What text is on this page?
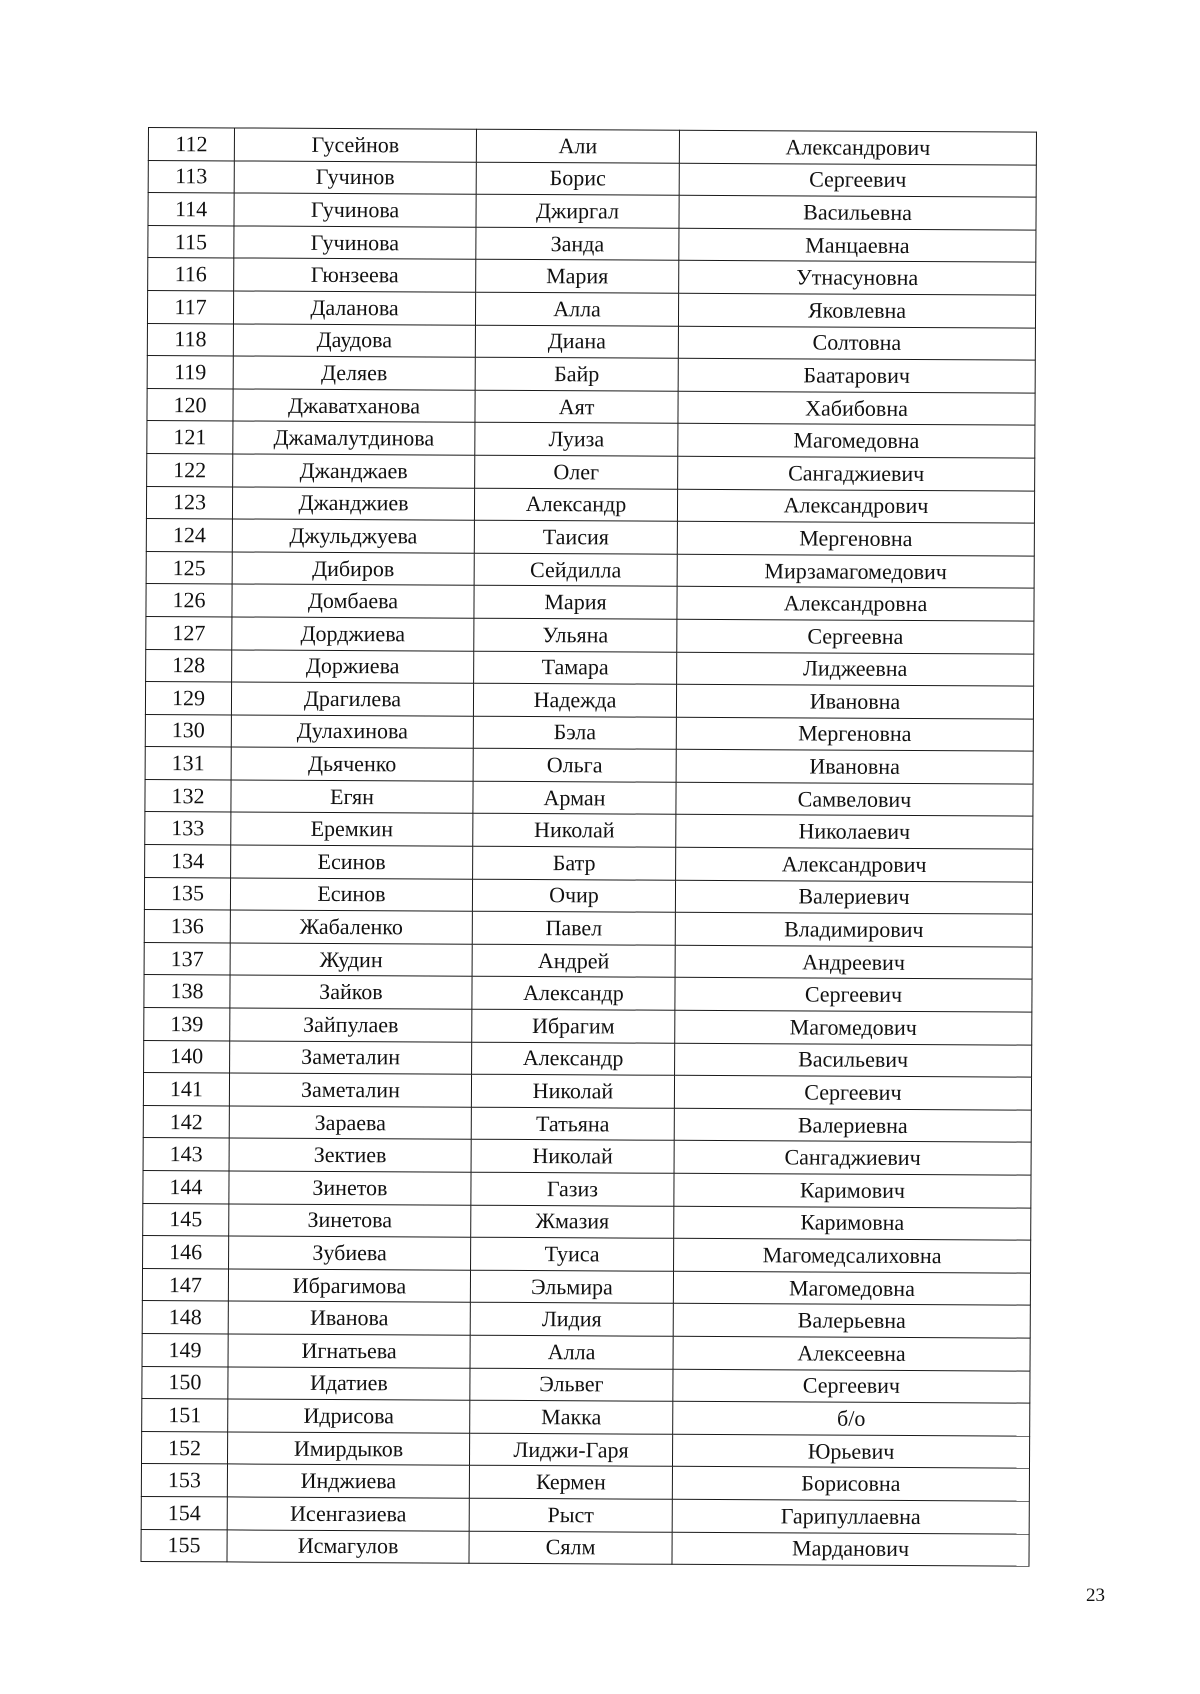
112	Гусейнов	Али	Александрович
113	Гучинов	Борис	Сергеевич
114	Гучинова	Джиргал	Васильевна
115	Гучинова	Занда	Манцаевна
116	Гюнзеева	Мария	Утнасуновна
117	Даланова	Алла	Яковлевна
118	Даудова	Диана	Солтовна
119	Деляев	Байр	Баатарович
120	Джаватханова	Аят	Хабибовна
121	Джамалутдинова	Луиза	Магомедовна
122	Джанджаев	Олег	Сангаджиевич
123	Джанджиев	Александр	Александрович
124	Джульджуева	Таисия	Мергеновна
125	Дибиров	Сейдилла	Мирзамагомедович
126	Домбаева	Мария	Александровна
127	Дорджиева	Ульяна	Сергеевна
128	Доржиева	Тамара	Лиджеевна
129	Драгилева	Надежда	Ивановна
130	Дулахинова	Бэла	Мергеновна
131	Дьяченко	Ольга	Ивановна
132	Егян	Арман	Самвелович
133	Еремкин	Николай	Николаевич
134	Есинов	Батр	Александрович
135	Есинов	Очир	Валериевич
136	Жабаленко	Павел	Владимирович
137	Жудин	Андрей	Андреевич
138	Зайков	Александр	Сергеевич
139	Зайпулаев	Ибрагим	Магомедович
140	Заметалин	Александр	Васильевич
141	Заметалин	Николай	Сергеевич
142	Зараева	Татьяна	Валериевна
143	Зектиев	Николай	Сангаджиевич
144	Зинетов	Газиз	Каримович
145	Зинетова	Жмазия	Каримовна
146	Зубиева	Туиса	Магомедсалиховна
147	Ибрагимова	Эльмира	Магомедовна
148	Иванова	Лидия	Валерьевна
149	Игнатьева	Алла	Алексеевна
150	Идатиев	Эльвег	Сергеевич
151	Идрисова	Макка	б/о
152	Имирдыков	Лиджи-Гаря	Юрьевич
153	Инджиева	Кермен	Борисовна
154	Исенгазиева	Рыст	Гарипуллаевна
155	Исмагулов	Сялм	Марданович
23
